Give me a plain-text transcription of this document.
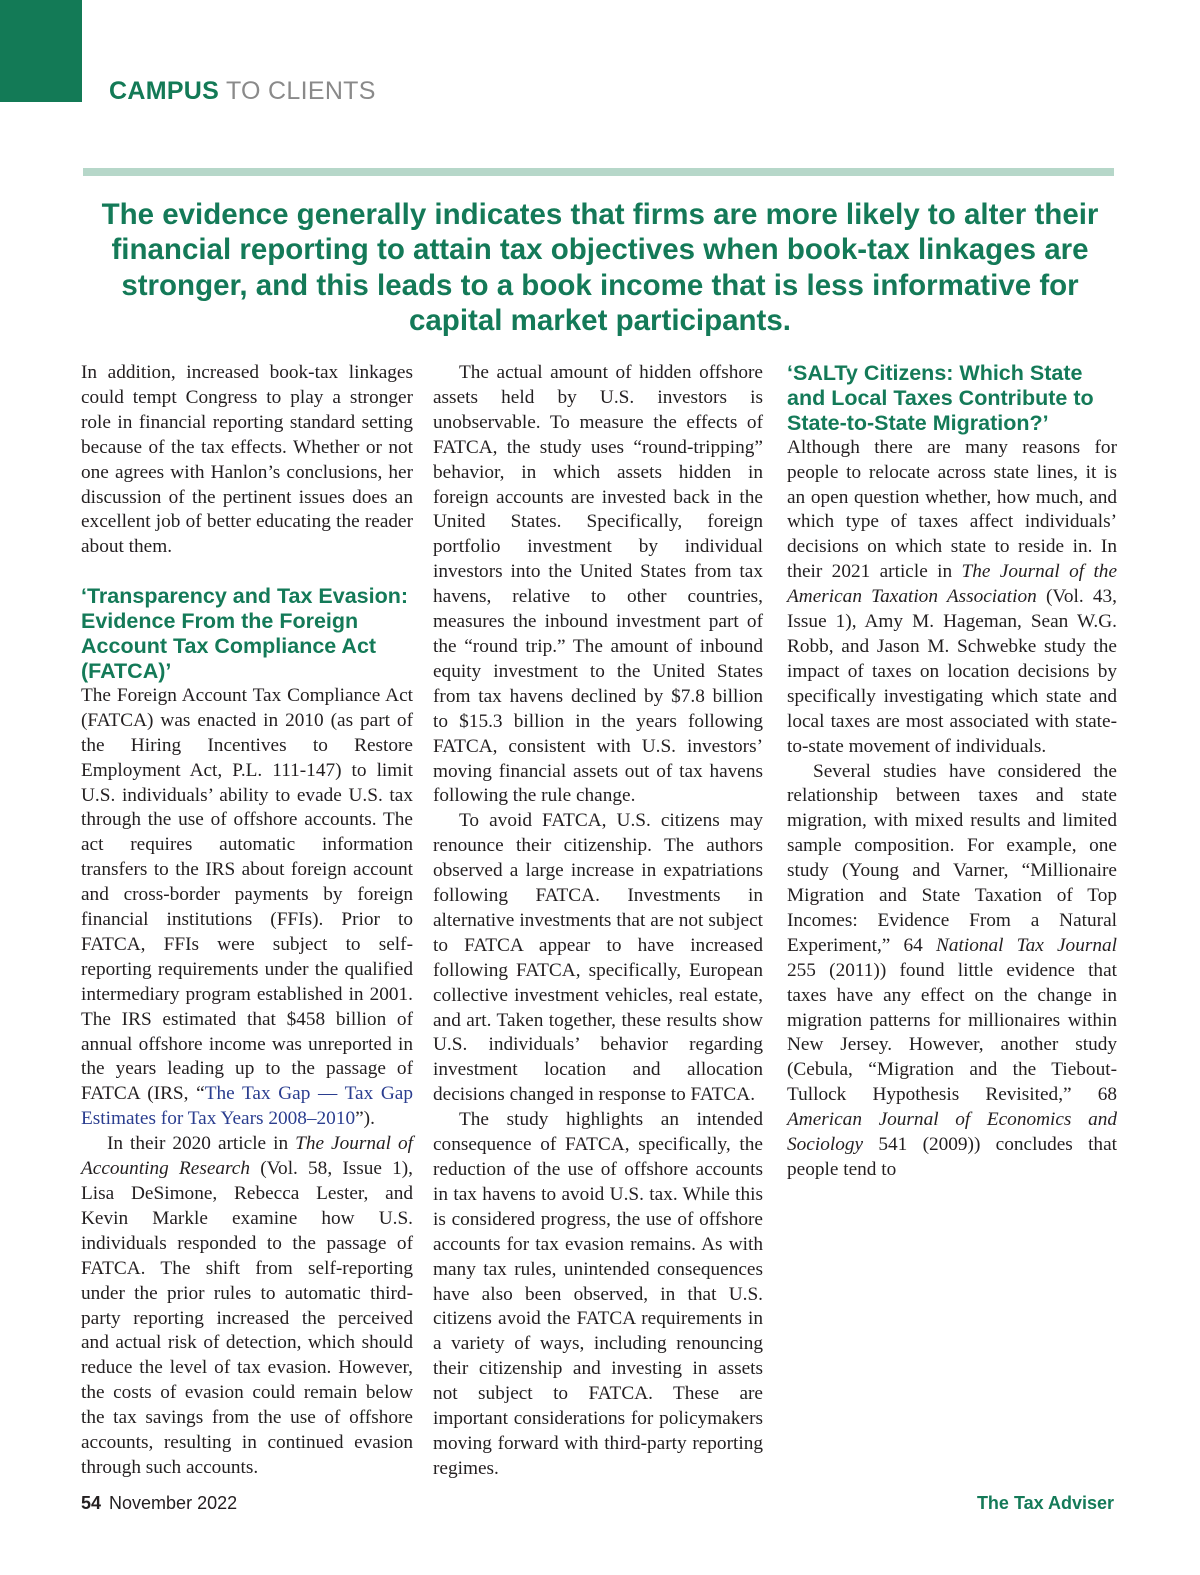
CAMPUS TO CLIENTS
The evidence generally indicates that firms are more likely to alter their financial reporting to attain tax objectives when book-tax linkages are stronger, and this leads to a book income that is less informative for capital market participants.

In addition, increased book-tax linkages could tempt Congress to play a stronger role in financial reporting standard setting because of the tax effects. Whether or not one agrees with Hanlon’s conclusions, her discussion of the pertinent issues does an excellent job of better educating the reader about them.

‘Transparency and Tax Evasion: Evidence From the Foreign Account Tax Compliance Act (FATCA)’

The Foreign Account Tax Compliance Act (FATCA) was enacted in 2010 (as part of the Hiring Incentives to Restore Employment Act, P.L. 111-147) to limit U.S. individuals’ ability to evade U.S. tax through the use of offshore accounts. The act requires automatic information transfers to the IRS about foreign account and cross-border payments by foreign financial institutions (FFIs). Prior to FATCA, FFIs were subject to self-reporting requirements under the qualified intermediary program established in 2001. The IRS estimated that $458 billion of annual offshore income was unreported in the years leading up to the passage of FATCA (IRS, “The Tax Gap — Tax Gap Estimates for Tax Years 2008–2010”).

In their 2020 article in The Journal of Accounting Research (Vol. 58, Issue 1), Lisa DeSimone, Rebecca Lester, and Kevin Markle examine how U.S. individuals responded to the passage of FATCA. The shift from self-reporting under the prior rules to automatic third-party reporting increased the perceived and actual risk of detection, which should reduce the level of tax evasion. However, the costs of evasion could remain below the tax savings from the use of offshore accounts, resulting in continued evasion through such accounts.

The actual amount of hidden offshore assets held by U.S. investors is unobservable. To measure the effects of FATCA, the study uses “round-tripping” behavior, in which assets hidden in foreign accounts are invested back in the United States. Specifically, foreign portfolio investment by individual investors into the United States from tax havens, relative to other countries, measures the inbound investment part of the “round trip.” The amount of inbound equity investment to the United States from tax havens declined by $7.8 billion to $15.3 billion in the years following FATCA, consistent with U.S. investors’ moving financial assets out of tax havens following the rule change.

To avoid FATCA, U.S. citizens may renounce their citizenship. The authors observed a large increase in expatriations following FATCA. Investments in alternative investments that are not subject to FATCA appear to have increased following FATCA, specifically, European collective investment vehicles, real estate, and art. Taken together, these results show U.S. individuals’ behavior regarding investment location and allocation decisions changed in response to FATCA.

The study highlights an intended consequence of FATCA, specifically, the reduction of the use of offshore accounts in tax havens to avoid U.S. tax. While this is considered progress, the use of offshore accounts for tax evasion remains. As with many tax rules, unintended consequences have also been observed, in that U.S. citizens avoid the FATCA requirements in a variety of ways, including renouncing their citizenship and investing in assets not subject to FATCA. These are important considerations for policymakers moving forward with third-party reporting regimes.

‘SALTy Citizens: Which State and Local Taxes Contribute to State-to-State Migration?’

Although there are many reasons for people to relocate across state lines, it is an open question whether, how much, and which type of taxes affect individuals’ decisions on which state to reside in. In their 2021 article in The Journal of the American Taxation Association (Vol. 43, Issue 1), Amy M. Hageman, Sean W.G. Robb, and Jason M. Schwebke study the impact of taxes on location decisions by specifically investigating which state and local taxes are most associated with state-to-state movement of individuals.

Several studies have considered the relationship between taxes and state migration, with mixed results and limited sample composition. For example, one study (Young and Varner, “Millionaire Migration and State Taxation of Top Incomes: Evidence From a Natural Experiment,” 64 National Tax Journal 255 (2011)) found little evidence that taxes have any effect on the change in migration patterns for millionaires within New Jersey. However, another study (Cebula, “Migration and the Tiebout-Tullock Hypothesis Revisited,” 68 American Journal of Economics and Sociology 541 (2009)) concludes that people tend to

54 November 2022	The Tax Adviser
